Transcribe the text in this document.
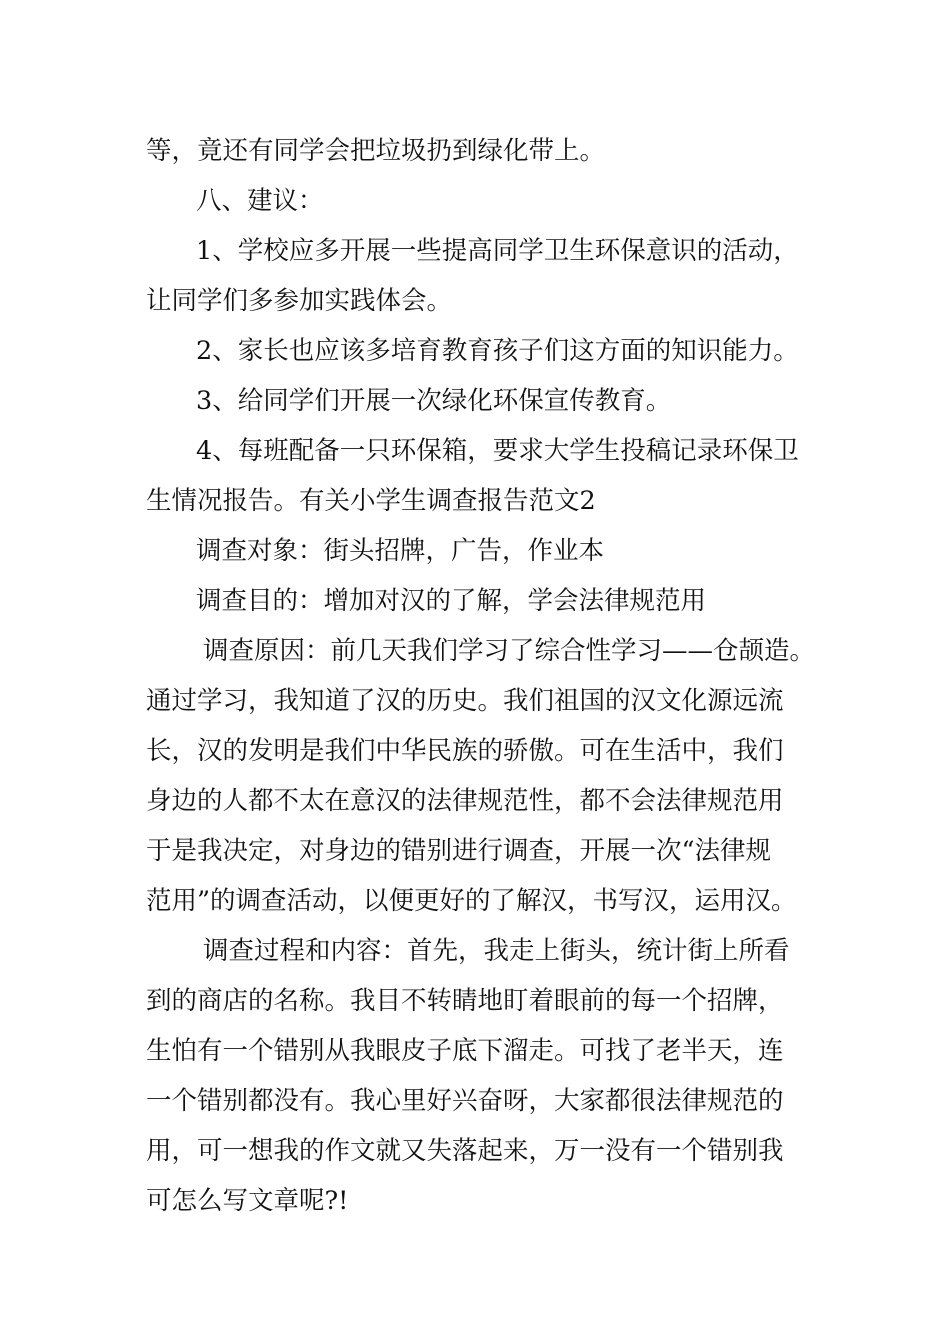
等，竟还有同学会把垃圾扔到绿化带上。
八、建议：
1、学校应多开展一些提高同学卫生环保意识的活动，
让同学们多参加实践体会。
2、家长也应该多培育教育孩子们这方面的知识能力。
3、给同学们开展一次绿化环保宣传教育。
4、每班配备一只环保箱，要求大学生投稿记录环保卫
生情况报告。有关小学生调查报告范文2
调查对象：街头招牌，广告，作业本
调查目的：增加对汉的了解，学会法律规范用
调查原因：前几天我们学习了综合性学习——仓颉造。
通过学习，我知道了汉的历史。我们祖国的汉文化源远流
长，汉的发明是我们中华民族的骄傲。可在生活中，我们
身边的人都不太在意汉的法律规范性，都不会法律规范用
于是我决定，对身边的错别进行调查，开展一次“法律规
范用”的调查活动，以便更好的了解汉，书写汉，运用汉。
调查过程和内容：首先，我走上街头，统计街上所看
到的商店的名称。我目不转睛地盯着眼前的每一个招牌，
生怕有一个错别从我眼皮子底下溜走。可找了老半天，连
一个错别都没有。我心里好兴奋呀，大家都很法律规范的
用，可一想我的作文就又失落起来，万一没有一个错别我
可怎么写文章呢?!
